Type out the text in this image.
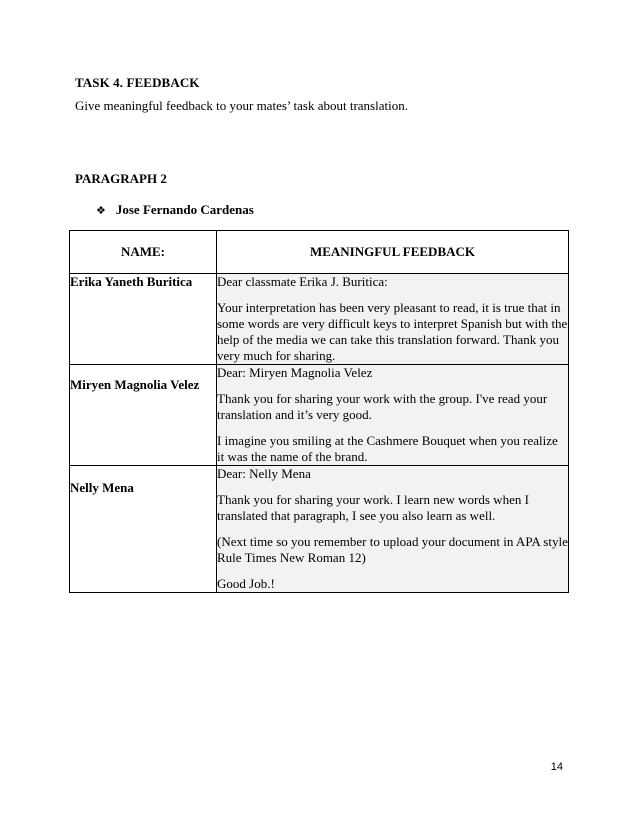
TASK 4. FEEDBACK

Give meaningful feedback to your mates’ task about translation.

PARAGRAPH 2
❖ Jose Fernando Cardenas
NAME:	MEANINGFUL FEEDBACK
Erika Yaneth Buritica	Dear classmate Erika J. Buritica:

Your interpretation has been very pleasant to read, it is true that in some words are very difficult keys to interpret Spanish but with the help of the media we can take this translation forward. Thank you very much for sharing.

Miryen Magnolia Velez	Dear: Miryen Magnolia Velez

Thank you for sharing your work with the group. I've read your translation and it’s very good.

I imagine you smiling at the Cashmere Bouquet when you realize it was the name of the brand.

Nelly Mena	Dear: Nelly Mena

Thank you for sharing your work. I learn new words when I translated that paragraph, I see you also learn as well.

(Next time so you remember to upload your document in APA style Rule Times New Roman 12)

Good Job.!

14
